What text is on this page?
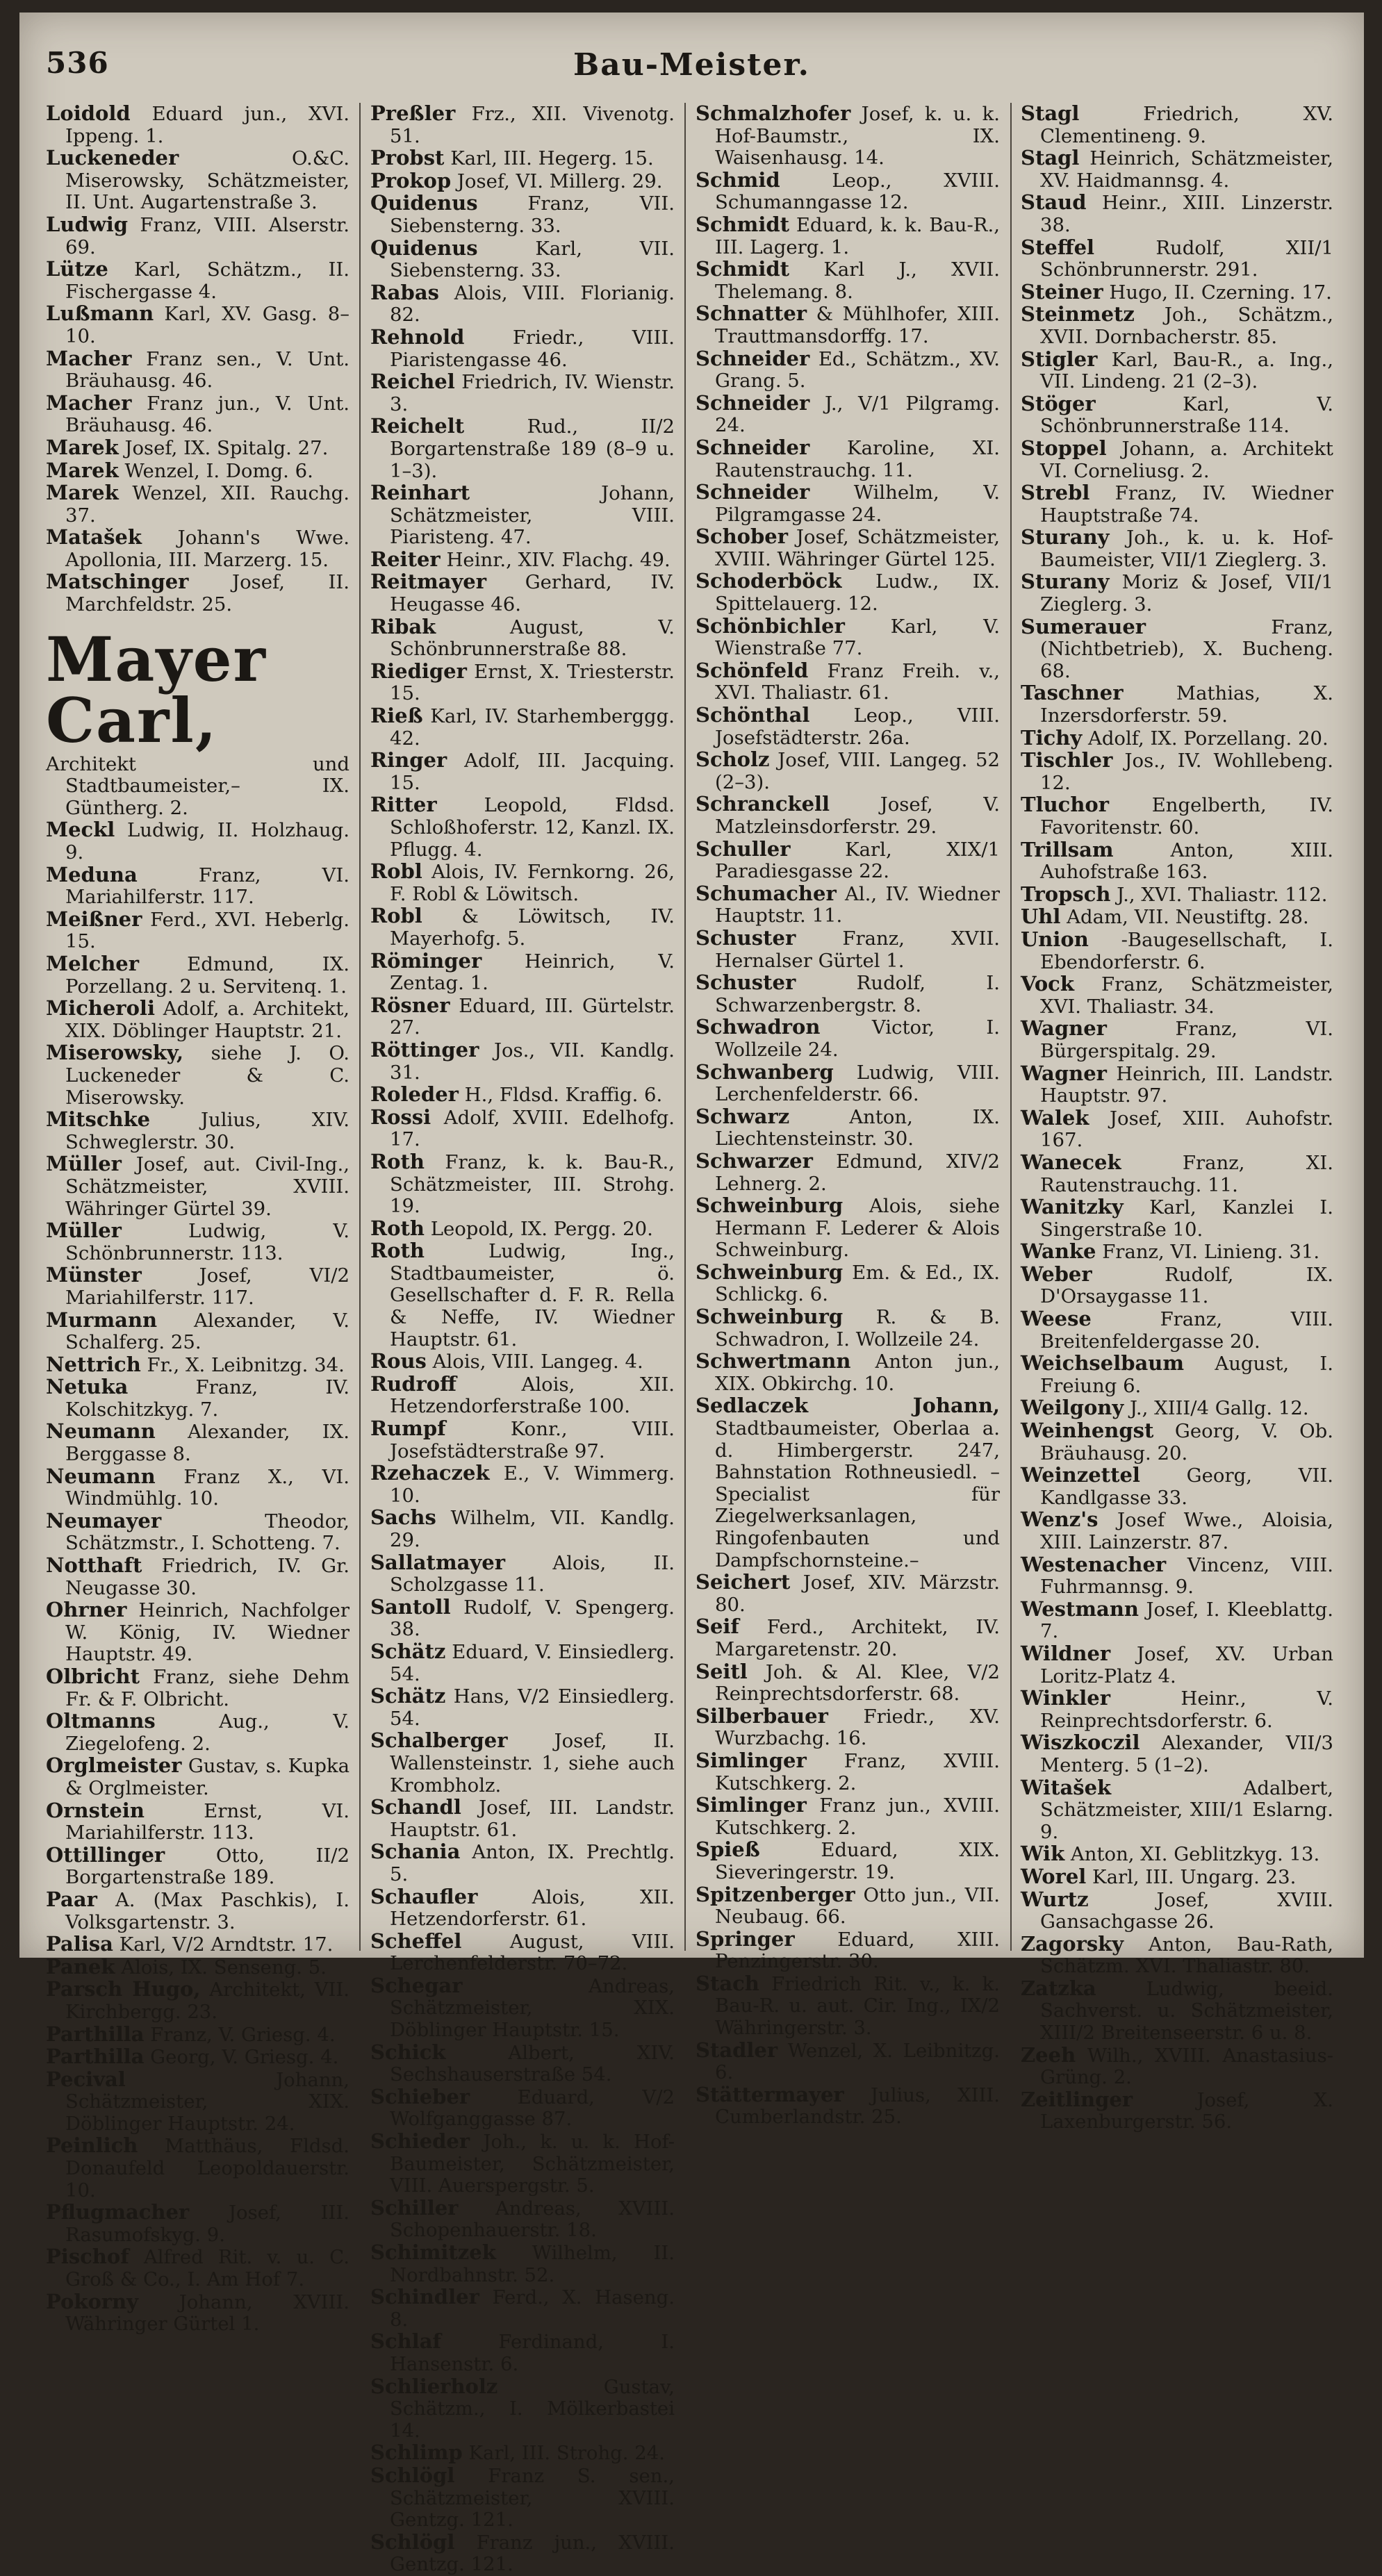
536	Bau-Meister.
Loidold Eduard jun., XVI. Ippeng. 1.
Luckeneder	O.&C. Miserowsky, Schätzmeister, II. Unt. Augartenstraße 3.
Ludwig Franz, VIII. Alserstr. 69.
Lütze Karl, Schätzm., II. Fischergasse 4.
Lußmann Karl, XV. Gasg. 8–10.
Macher Franz sen., V. Unt. Bräuhausg. 46.
Macher Franz jun., V. Unt. Bräuhausg. 46.
Marek Josef, IX. Spitalg. 27.
Marek Wenzel, I. Domg. 6.
Marek Wenzel, XII. Rauchg. 37.
Matašek Johann's Wwe. Apollonia, III. Marzerg. 15.
Matschinger Josef, II. Marchfeldstr. 25.
Mayer Carl,
Architekt und Stadtbaumeister,– IX. Güntherg. 2.
Meckl Ludwig, II. Holzhaug. 9.
Meduna	Franz, VI. Mariahilferstr. 117.
Meißner Ferd., XVI. Heberlg. 15.
Melcher	Edmund, IX. Porzellang. 2 u. Servitenq. 1.
Micheroli Adolf, a. Architekt, XIX. Döblinger Hauptstr. 21.
Miserowsky, siehe J. O. Luckeneder & C. Miserowsky.
Mitschke	Julius, XIV. Schweglerstr. 30.
Müller Josef, aut. Civil-Ing., Schätzmeister, XVIII. Währinger Gürtel 39.
Müller	Ludwig, V. Schönbrunnerstr. 113.
Münster	Josef, VI/2 Mariahilferstr. 117.
Murmann Alexander, V. Schalferg. 25.
Nettrich Fr., X. Leibnitzg. 34.
Netuka	Franz, IV. Kolschitzkyg. 7.
Neumann Alexander, IX. Berggasse 8.
Neumann Franz X., VI. Windmühlg. 10.
Neumayer	Theodor, Schätzmstr., I. Schotteng. 7.
Notthaft Friedrich, IV. Gr. Neugasse 30.
Ohrner Heinrich, Nachfolger W. König, IV. Wiedner Hauptstr. 49.
Olbricht Franz, siehe Dehm Fr. & F. Olbricht.
Oltmanns	Aug., V. Ziegelofeng. 2.
Orglmeister Gustav, s. Kupka & Orglmeister.
Ornstein	Ernst, VI. Mariahilferstr. 113.
Ottillinger	Otto, II/2 Borgartenstraße 189.
Paar A. (Max Paschkis), I. Volksgartenstr. 3.
Palisa Karl, V/2 Arndtstr. 17.
Panek Alois, IX. Senseng. 5.
Parsch Hugo, Architekt, VII. Kirchbergg. 23.
Parthilla Franz, V. Griesg. 4.
Parthilla Georg, V. Griesg. 4.
Pecival	Johann, Schätzmeister, XIX. Döblinger Hauptstr. 24.
Peinlich Matthäus, Fldsd. Donaufeld Leopoldauerstr. 10.
Pflugmacher Josef, III. Rasumofskyg. 9.
Pischof Alfred Rit. v. u. C. Groß & Co., I. Am Hof 7.
Pokorny Johann, XVIII. Währinger Gürtel 1.
Preßler Frz., XII. Vivenotg. 51.
Probst Karl, III. Hegerg. 15.
Prokop Josef, VI. Millerg. 29.
Quidenus	Franz, VII. Siebensterng. 33.
Quidenus	Karl, VII. Siebensterng. 33.
Rabas Alois, VIII. Florianig. 82.
Rehnold	Friedr., VIII. Piaristengasse 46.
Reichel Friedrich, IV. Wienstr. 3.
Reichelt	Rud., II/2 Borgartenstraße 189 (8–9 u. 1–3).
Reinhart	Johann, Schätzmeister, VIII. Piaristeng. 47.
Reiter Heinr., XIV. Flachg. 49.
Reitmayer Gerhard, IV. Heugasse 46.
Ribak	August, V. Schönbrunnerstraße 88.
Riediger Ernst, X. Triesterstr. 15.
Rieß Karl, IV. Starhemberggg. 42.
Ringer Adolf, III. Jacquing. 15.
Ritter Leopold, Fldsd. Schloßhoferstr. 12, Kanzl. IX. Pflugg. 4.
Robl Alois, IV. Fernkorng. 26, F. Robl & Löwitsch.
Robl & Löwitsch, IV. Mayerhofg. 5.
Röminger Heinrich, V. Zentag. 1.
Rösner Eduard, III. Gürtelstr. 27.
Röttinger Jos., VII. Kandlg. 31.
Roleder H., Fldsd. Kraffig. 6.
Rossi Adolf, XVIII. Edelhofg. 17.
Roth Franz, k. k. Bau-R., Schätzmeister, III. Strohg. 19.
Roth Leopold, IX. Pergg. 20.
Roth	Ludwig, Ing., Stadtbaumeister, ö. Gesellschafter d. F. R. Rella & Neffe, IV. Wiedner Hauptstr. 61.
Rous Alois, VIII. Langeg. 4.
Rudroff	Alois, XII. Hetzendorferstraße 100.
Rumpf	Konr., VIII. Josefstädterstraße 97.
Rzehaczek E., V. Wimmerg. 10.
Sachs Wilhelm, VII. Kandlg. 29.
Sallatmayer Alois, II. Scholzgasse 11.
Santoll Rudolf, V. Spengerg. 38.
Schätz Eduard, V. Einsiedlerg. 54.
Schätz Hans, V/2 Einsiedlerg. 54.
Schalberger Josef, II. Wallensteinstr. 1, siehe auch Krombholz.
Schandl Josef, III. Landstr. Hauptstr. 61.
Schania Anton, IX. Prechtlg. 5.
Schaufler	Alois, XII. Hetzendorferstr. 61.
Scheffel	August, VIII. Lerchenfelderstr. 70–72.
Schegar	Andreas, Schätzmeister, XIX. Döblinger Hauptstr. 15.
Schick	Albert, XIV. Sechshauserstraße 54.
Schieber Eduard, V/2 Wolfganggasse 87.
Schieder Joh., k. u. k. Hof-Baumeister, Schätzmeister, VIII. Auerspergstr. 5.
Schiller Andreas, XVIII. Schopenhauerstr. 18.
Schimitzek Wilhelm, II. Nordbahnstr. 52.
Schindler Ferd., X. Haseng. 8.
Schlaf	Ferdinand, I. Hansenstr. 6.
Schlierholz	Gustav, Schätzm., I. Mölkerbastei 14.
Schlimp Karl, III. Strohg. 24.
Schlögl Franz S. sen., Schätzmeister, XVIII. Gentzg. 121.
Schlögl Franz jun., XVIII. Gentzg. 121.
Schmalzhofer Josef, k. u. k. Hof-Baumstr., IX. Waisenhausg. 14.
Schmid	Leop., XVIII. Schumanngasse 12.
Schmidt Eduard, k. k. Bau-R., III. Lagerg. 1.
Schmidt Karl J., XVII. Thelemang. 8.
Schnatter & Mühlhofer, XIII. Trauttmansdorffg. 17.
Schneider Ed., Schätzm., XV. Grang. 5.
Schneider J., V/1 Pilgramg. 24.
Schneider Karoline, XI. Rautenstrauchg. 11.
Schneider Wilhelm, V. Pilgramgasse 24.
Schober Josef, Schätzmeister, XVIII. Währinger Gürtel 125.
Schoderböck Ludw., IX. Spittelauerg. 12.
Schönbichler Karl, V. Wienstraße 77.
Schönfeld Franz Freih. v., XVI. Thaliastr. 61.
Schönthal Leop., VIII. Josefstädterstr. 26a.
Scholz Josef, VIII. Langeg. 52 (2–3).
Schranckell	Josef, V. Matzleinsdorferstr. 29.
Schuller	Karl, XIX/1 Paradiesgasse 22.
Schumacher Al., IV. Wiedner Hauptstr. 11.
Schuster Franz, XVII. Hernalser Gürtel 1.
Schuster	Rudolf, I. Schwarzenbergstr. 8.
Schwadron	Victor, I. Wollzeile 24.
Schwanberg Ludwig, VIII. Lerchenfelderstr. 66.
Schwarz	Anton, IX. Liechtensteinstr. 30.
Schwarzer Edmund, XIV/2 Lehnerg. 2.
Schweinburg Alois, siehe Hermann F. Lederer & Alois Schweinburg.
Schweinburg Em. & Ed., IX. Schlickg. 6.
Schweinburg R. & B. Schwadron, I. Wollzeile 24.
Schwertmann Anton jun., XIX. Obkirchg. 10.
Sedlaczek Johann, Stadtbaumeister, Oberlaa a. d. Himbergerstr. 247, Bahnstation Rothneusiedl. –Specialist für Ziegelwerksanlagen, Ringofenbauten und Dampfschornsteine.–
Seichert Josef, XIV. Märzstr. 80.
Seif Ferd., Architekt, IV. Margaretenstr. 20.
Seitl Joh. & Al. Klee, V/2 Reinprechtsdorferstr. 68.
Silberbauer Friedr., XV. Wurzbachg. 16.
Simlinger Franz, XVIII. Kutschkerg. 2.
Simlinger Franz jun., XVIII. Kutschkerg. 2.
Spieß	Eduard, XIX. Sieveringerstr. 19.
Spitzenberger Otto jun., VII. Neubaug. 66.
Springer Eduard, XIII. Penzingerstr. 30.
Stach Friedrich Rit. v., k. k. Bau-R. u. aut. Cir. Ing., IX/2 Währingerstr. 3.
Stadler Wenzel, X. Leibnitzg. 6.
Stättermayer Julius, XIII. Cumberlandstr. 25.
Stagl	Friedrich, XV. Clementineng. 9.
Stagl Heinrich, Schätzmeister, XV. Haidmannsg. 4.
Staud Heinr., XIII. Linzerstr. 38.
Steffel	Rudolf, XII/1 Schönbrunnerstr. 291.
Steiner Hugo, II. Czerning. 17.
Steinmetz Joh., Schätzm., XVII. Dornbacherstr. 85.
Stigler Karl, Bau-R., a. Ing., VII. Lindeng. 21 (2–3).
Stöger	Karl, V. Schönbrunnerstraße 114.
Stoppel Johann, a. Architekt VI. Corneliusg. 2.
Strebl Franz, IV. Wiedner Hauptstraße 74.
Sturany Joh., k. u. k. Hof-Baumeister, VII/1 Zieglerg. 3.
Sturany Moriz & Josef, VII/1 Zieglerg. 3.
Sumerauer	Franz, (Nichtbetrieb), X. Bucheng. 68.
Taschner	Mathias, X. Inzersdorferstr. 59.
Tichy Adolf, IX. Porzellang. 20.
Tischler Jos., IV. Wohllebeng. 12.
Tluchor Engelberth, IV. Favoritenstr. 60.
Trillsam	Anton, XIII. Auhofstraße 163.
Tropsch J., XVI. Thaliastr. 112.
Uhl Adam, VII. Neustiftg. 28.
Union -Baugesellschaft, I. Ebendorferstr. 6.
Vock Franz, Schätzmeister, XVI. Thaliastr. 34.
Wagner	Franz, VI. Bürgerspitalg. 29.
Wagner Heinrich, III. Landstr. Hauptstr. 97.
Walek Josef, XIII. Auhofstr. 167.
Wanecek	Franz, XI. Rautenstrauchg. 11.
Wanitzky Karl, Kanzlei I. Singerstraße 10.
Wanke Franz, VI. Linieng. 31.
Weber	Rudolf, IX. D'Orsaygasse 11.
Weese	Franz, VIII. Breitenfeldergasse 20.
Weichselbaum August, I. Freiung 6.
Weilgony J., XIII/4 Gallg. 12.
Weinhengst Georg, V. Ob. Bräuhausg. 20.
Weinzettel Georg, VII. Kandlgasse 33.
Wenz's Josef Wwe., Aloisia, XIII. Lainzerstr. 87.
Westenacher Vincenz, VIII. Fuhrmannsg. 9.
Westmann Josef, I. Kleeblattg. 7.
Wildner Josef, XV. Urban Loritz-Platz 4.
Winkler	Heinr., V. Reinprechtsdorferstr. 6.
Wiszkoczil Alexander, VII/3 Menterg. 5 (1–2).
Witašek	Adalbert, Schätzmeister, XIII/1 Eslarng. 9.
Wik Anton, XI. Geblitzkyg. 13.
Worel Karl, III. Ungarg. 23.
Wurtz	Josef, XVIII. Gansachgasse 26.
Zagorsky Anton, Bau-Rath, Schätzm. XVI. Thaliastr. 80.
Zatzka	Ludwig, beeid. Sachverst. u. Schätzmeister, XIII/2 Breitenseerstr. 6 u. 8.
Zeeh Wilh., XVIII. Anastasius-Grüng. 2.
Zeitlinger	Josef, X. Laxenburgerstr. 56.
